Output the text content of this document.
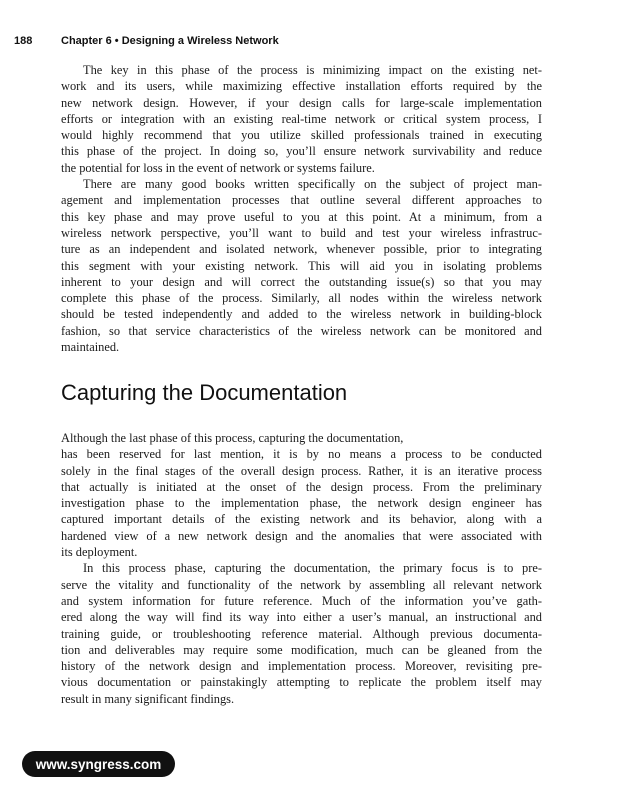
188	Chapter 6 • Designing a Wireless Network

The key in this phase of the process is minimizing impact on the existing net-
work and its users, while maximizing effective installation efforts required by the
new network design. However, if your design calls for large-scale implementation
efforts or integration with an existing real-time network or critical system process, I
would highly recommend that you utilize skilled professionals trained in executing
this phase of the project. In doing so, you’ll ensure network survivability and reduce
the potential for loss in the event of network or systems failure.

There are many good books written specifically on the subject of project man-
agement and implementation processes that outline several different approaches to
this key phase and may prove useful to you at this point. At a minimum, from a
wireless network perspective, you’ll want to build and test your wireless infrastruc-
ture as an independent and isolated network, whenever possible, prior to integrating
this segment with your existing network. This will aid you in isolating problems
inherent to your design and will correct the outstanding issue(s) so that you may
complete this phase of the process. Similarly, all nodes within the wireless network
should be tested independently and added to the wireless network in building-block
fashion, so that service characteristics of the wireless network can be monitored and
maintained.

Capturing the Documentation

Although the last phase of this process, capturing the documentation,
has been reserved for last mention, it is by no means a process to be conducted
solely in the final stages of the overall design process. Rather, it is an iterative process
that actually is initiated at the onset of the design process. From the preliminary
investigation phase to the implementation phase, the network design engineer has
captured important details of the existing network and its behavior, along with a
hardened view of a new network design and the anomalies that were associated with
its deployment.

In this process phase, capturing the documentation, the primary focus is to pre-
serve the vitality and functionality of the network by assembling all relevant network
and system information for future reference. Much of the information you’ve gath-
ered along the way will find its way into either a user’s manual, an instructional and
training guide, or troubleshooting reference material. Although previous documenta-
tion and deliverables may require some modification, much can be gleaned from the
history of the network design and implementation process. Moreover, revisiting pre-
vious documentation or painstakingly attempting to replicate the problem itself may
result in many significant findings.

www.syngress.com
